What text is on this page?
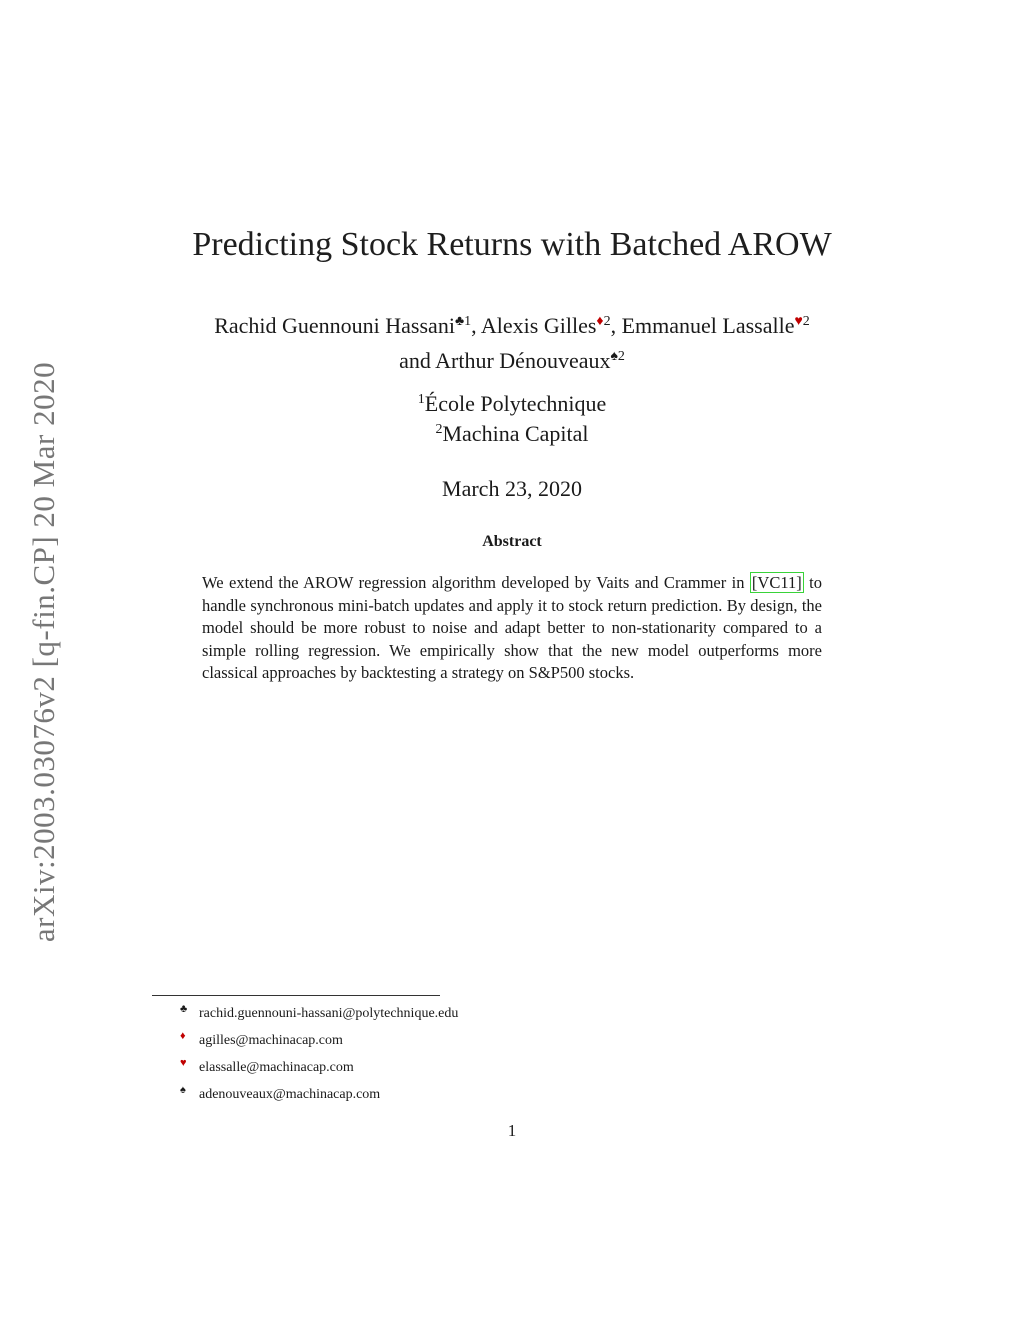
arXiv:2003.03076v2 [q-fin.CP] 20 Mar 2020
Predicting Stock Returns with Batched AROW
Rachid Guennouni Hassani$^{♣1}$, Alexis Gilles$^{♦2}$, Emmanuel Lassalle$^{♥2}$
and Arthur Dénouveaux$^{♠2}$
$^1$École Polytechnique
$^2$Machina Capital
March 23, 2020
Abstract
We extend the AROW regression algorithm developed by Vaits and Crammer in [VC11] to handle synchronous mini-batch updates and apply it to stock return prediction. By design, the model should be more robust to noise and adapt better to non-stationarity compared to a simple rolling regression. We empirically show that the new model outperforms more classical approaches by backtesting a strategy on S&P500 stocks.
♣ rachid.guennouni-hassani@polytechnique.edu
♦ agilles@machinacap.com
♥ elassalle@machinacap.com
♠ adenouveaux@machinacap.com
1
